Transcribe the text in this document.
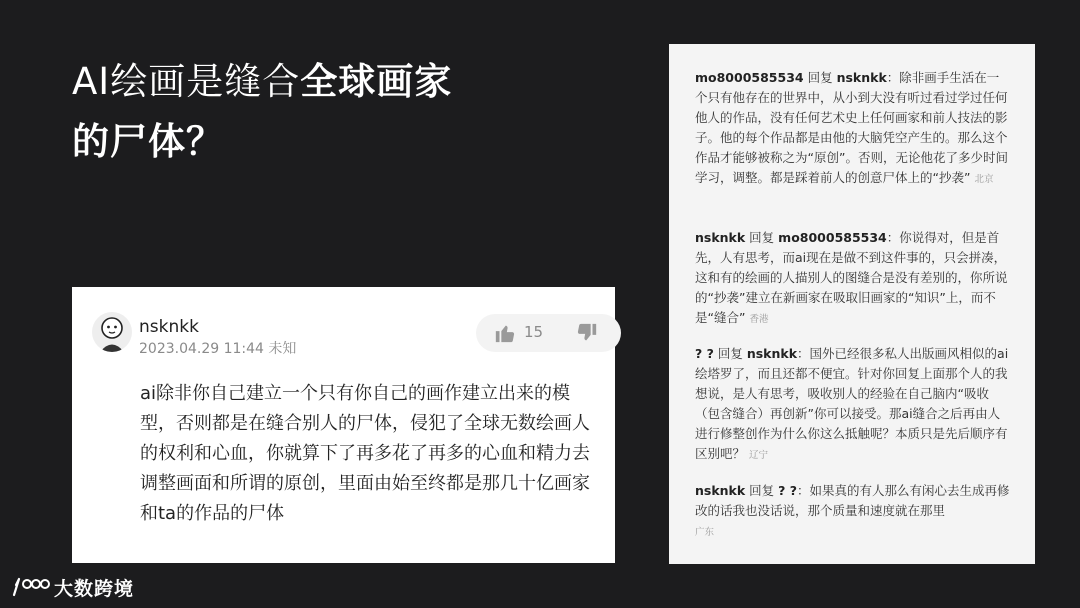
AI绘画是缝合全球画家
的尸体？
nsknkk
2023.04.29 11:44 未知
15

ai除非你自己建立一个只有你自己的画作建立出来的模型，否则都是在缝合别人的尸体，侵犯了全球无数绘画人的权利和心血，你就算下了再多花了再多的心血和精力去调整画面和所谓的原创，里面由始至终都是那几十亿画家和ta的作品的尸体

mo8000585534 回复 nsknkk：除非画手生活在一个只有他存在的世界中，从小到大没有听过看过学过任何他人的作品，没有任何艺术史上任何画家和前人技法的影子。他的每个作品都是由他的大脑凭空产生的。那么这个作品才能够被称之为“原创”。否则，无论他花了多少时间学习，调整。都是踩着前人的创意尸体上的“抄袭” 北京
nsknkk 回复 mo8000585534：你说得对，但是首先，人有思考，而ai现在是做不到这件事的，只会拼凑，这和有的绘画的人描别人的图缝合是没有差别的，你所说的“抄袭”建立在新画家在吸取旧画家的“知识”上，而不是“缝合” 香港
? ? 回复 nsknkk：国外已经很多私人出版画风相似的ai绘塔罗了，而且还都不便宜。针对你回复上面那个人的我想说，是人有思考，吸收别人的经验在自己脑内“吸收（包含缝合）再创新”你可以接受。那ai缝合之后再由人进行修整创作为什么你这么抵触呢？本质只是先后顺序有区别吧？ 辽宁
nsknkk 回复 ? ?：如果真的有人那么有闲心去生成再修改的话我也没话说，那个质量和速度就在那里
广东
大数跨境
